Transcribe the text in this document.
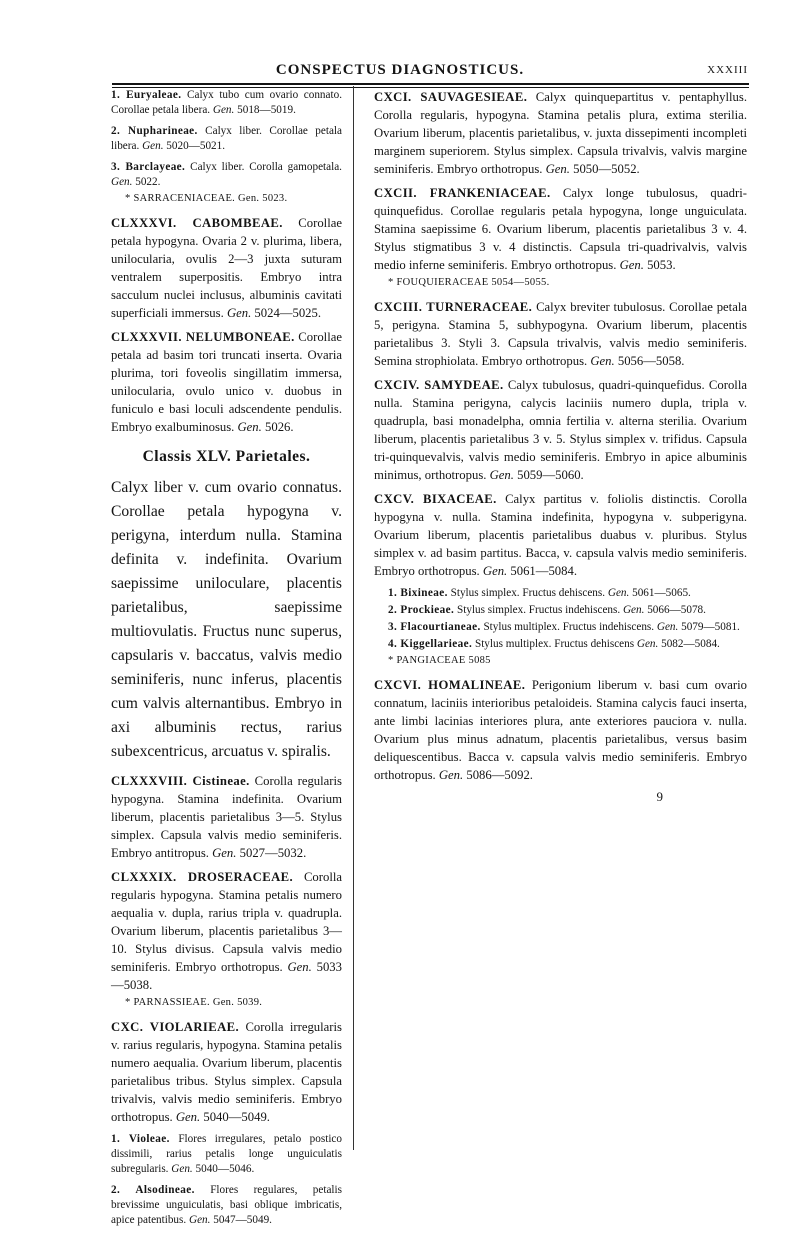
CONSPECTUS DIAGNOSTICUS.	XXXIII

1. Euryaleae. Calyx tubo cum ovario connato. Corollae petala libera. Gen. 5018—5019.

2. Nupharineae. Calyx liber. Corollae petala libera. Gen. 5020—5021.

3. Barclayeae. Calyx liber. Corolla gamopetala. Gen. 5022.

* SARRACENIACEAE. Gen. 5023.

CLXXXVI. CABOMBEAE. Corollae petala hypogyna. Ovaria 2 v. plurima, libera, unilocularia, ovulis 2—3 juxta suturam ventralem superpositis. Embryo intra sacculum nuclei inclusus, albuminis cavitati superficiali immersus. Gen. 5024—5025.

CLXXXVII. NELUMBONEAE. Corollae petala ad basim tori truncati inserta. Ovaria plurima, tori foveolis singillatim immersa, unilocularia, ovulo unico v. duobus in funiculo e basi loculi adscendente pendulis. Embryo exalbuminosus. Gen. 5026.

Classis XLV. Parietales.

Calyx liber v. cum ovario connatus. Corollae petala hypogyna v. perigyna, interdum nulla. Stamina definita v. indefinita. Ovarium saepissime uniloculare, placentis parietalibus, saepissime multiovulatis. Fructus nunc superus, capsularis v. baccatus, valvis medio seminiferis, nunc inferus, placentis cum valvis alternantibus. Embryo in axi albuminis rectus, rarius subexcentricus, arcuatus v. spiralis.

CLXXXVIII. Cistineae. Corolla regularis hypogyna. Stamina indefinita. Ovarium liberum, placentis parietalibus 3—5. Stylus simplex. Capsula valvis medio seminiferis. Embryo antitropus. Gen. 5027—5032.

CLXXXIX. DROSERACEAE. Corolla regularis hypogyna. Stamina petalis numero aequalia v. dupla, rarius tripla v. quadrupla. Ovarium liberum, placentis parietalibus 3—10. Stylus divisus. Capsula valvis medio seminiferis. Embryo orthotropus. Gen. 5033—5038.

* PARNASSIEAE. Gen. 5039.

CXC. VIOLARIEAE. Corolla irregularis v. rarius regularis, hypogyna. Stamina petalis numero aequalia. Ovarium liberum, placentis parietalibus tribus. Stylus simplex. Capsula trivalvis, valvis medio seminiferis. Embryo orthotropus. Gen. 5040—5049.

1. Violeae. Flores irregulares, petalo postico dissimili, rarius petalis longe unguiculatis subregularis. Gen. 5040—5046.

2. Alsodineae. Flores regulares, petalis brevissime unguiculatis, basi oblique imbricatis, apice patentibus. Gen. 5047—5049.

CXCI. SAUVAGESIEAE. Calyx quinquepartitus v. pentaphyllus. Corolla regularis, hypogyna. Stamina petalis plura, extima sterilia. Ovarium liberum, placentis parietalibus, v. juxta dissepimenti incompleti marginem superiorem. Stylus simplex. Capsula trivalvis, valvis margine seminiferis. Embryo orthotropus. Gen. 5050—5052.

CXCII. FRANKENIACEAE. Calyx longe tubulosus, quadri-quinquefidus. Corollae regularis petala hypogyna, longe unguiculata. Stamina saepissime 6. Ovarium liberum, placentis parietalibus 3 v. 4. Stylus stigmatibus 3 v. 4 distinctis. Capsula tri-quadrivalvis, valvis medio inferne seminiferis. Embryo orthotropus. Gen. 5053.

* FOUQUIERACEAE 5054—5055.

CXCIII. TURNERACEAE. Calyx breviter tubulosus. Corollae petala 5, perigyna. Stamina 5, subhypogyna. Ovarium liberum, placentis parietalibus 3. Styli 3. Capsula trivalvis, valvis medio seminiferis. Semina strophiolata. Embryo orthotropus. Gen. 5056—5058.

CXCIV. SAMYDEAE. Calyx tubulosus, quadri-quinquefidus. Corolla nulla. Stamina perigyna, calycis laciniis numero dupla, tripla v. quadrupla, basi monadelpha, omnia fertilia v. alterna sterilia. Ovarium liberum, placentis parietalibus 3 v. 5. Stylus simplex v. trifidus. Capsula tri-quinquevalvis, valvis medio seminiferis. Embryo in apice albuminis minimus, orthotropus. Gen. 5059—5060.

CXCV. BIXACEAE. Calyx partitus v. foliolis distinctis. Corolla hypogyna v. nulla. Stamina indefinita, hypogyna v. subperigyna. Ovarium liberum, placentis parietalibus duabus v. pluribus. Stylus simplex v. ad basim partitus. Bacca, v. capsula valvis medio seminiferis. Embryo orthotropus. Gen. 5061—5084.

1. Bixineae. Stylus simplex. Fructus dehiscens. Gen. 5061—5065.

2. Prockieae. Stylus simplex. Fructus indehiscens. Gen. 5066—5078.

3. Flacourtianeae. Stylus multiplex. Fructus indehiscens. Gen. 5079—5081.

4. Kiggellarieae. Stylus multiplex. Fructus dehiscens Gen. 5082—5084.

* PANGIACEAE 5085

CXCVI. HOMALINEAE. Perigonium liberum v. basi cum ovario connatum, laciniis interioribus petaloideis. Stamina calycis fauci inserta, ante limbi lacinias interiores plura, ante exteriores pauciora v. nulla. Ovarium plus minus adnatum, placentis parietalibus, versus basim deliquescentibus. Bacca v. capsula valvis medio seminiferis. Embryo orthotropus. Gen. 5086—5092.

9
